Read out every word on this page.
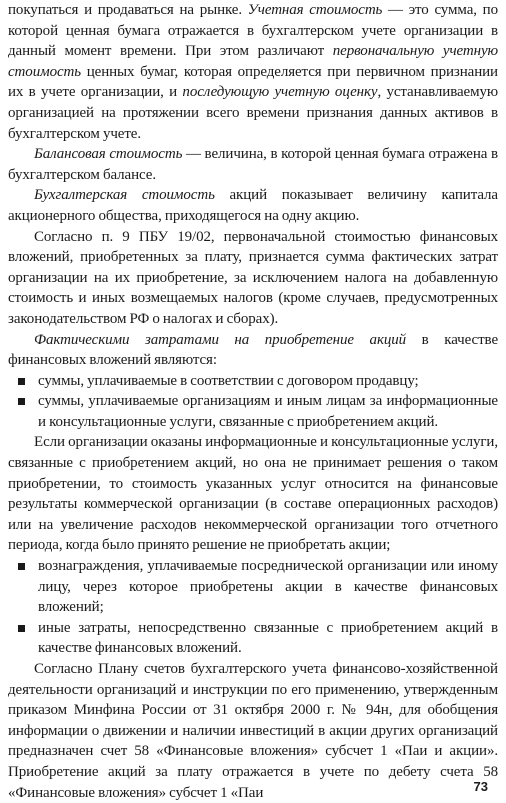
покупаться и продаваться на рынке. Учетная стоимость — это сумма, по которой ценная бумага отражается в бухгалтерском учете организации в данный момент времени. При этом различают первоначальную учетную стоимость ценных бумаг, которая определяется при первичном признании их в учете организации, и последующую учетную оценку, устанавливаемую организацией на протяжении всего времени признания данных активов в бухгалтерском учете.

Балансовая стоимость — величина, в которой ценная бумага отражена в бухгалтерском балансе.

Бухгалтерская стоимость акций показывает величину капитала акционерного общества, приходящегося на одну акцию.

Согласно п. 9 ПБУ 19/02, первоначальной стоимостью финансовых вложений, приобретенных за плату, признается сумма фактических затрат организации на их приобретение, за исключением налога на добавленную стоимость и иных возмещаемых налогов (кроме случаев, предусмотренных законодательством РФ о налогах и сборах).

Фактическими затратами на приобретение акций в качестве финансовых вложений являются:

суммы, уплачиваемые в соответствии с договором продавцу;
суммы, уплачиваемые организациям и иным лицам за информационные и консультационные услуги, связанные с приобретением акций.

Если организации оказаны информационные и консультационные услуги, связанные с приобретением акций, но она не принимает решения о таком приобретении, то стоимость указанных услуг относится на финансовые результаты коммерческой организации (в составе операционных расходов) или на увеличение расходов некоммерческой организации того отчетного периода, когда было принято решение не приобретать акции;

вознаграждения, уплачиваемые посреднической организации или иному лицу, через которое приобретены акции в качестве финансовых вложений;
иные затраты, непосредственно связанные с приобретением акций в качестве финансовых вложений.

Согласно Плану счетов бухгалтерского учета финансово-хозяйственной деятельности организаций и инструкции по его применению, утвержденным приказом Минфина России от 31 октября 2000 г. № 94н, для обобщения информации о движении и наличии инвестиций в акции других организаций предназначен счет 58 «Финансовые вложения» субсчет 1 «Паи и акции». Приобретение акций за плату отражается в учете по дебету счета 58 «Финансовые вложения» субсчет 1 «Паи	73
